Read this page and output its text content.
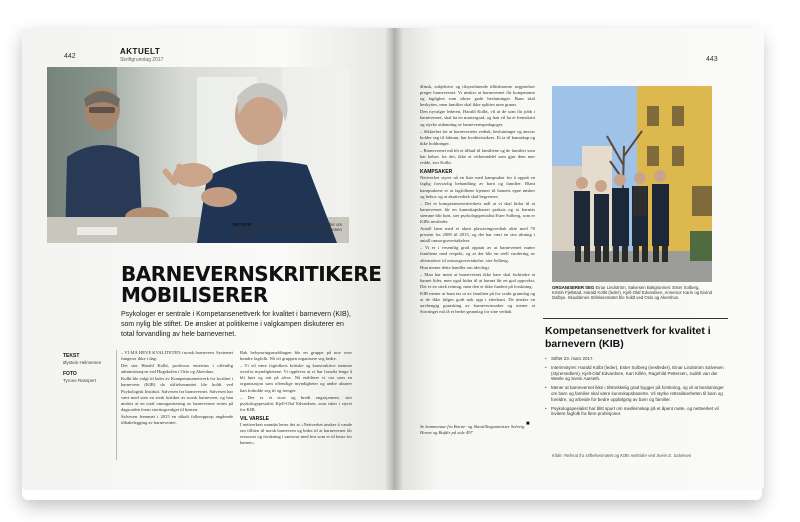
442
AKTUELT
Skriftgrunnlag 2017
INITIATIV Psykologspesialist Einar Lindström forteller om grunnlaget for nettverket i KIB. Harald Kolbt i bakgrunnen følger med.
BARNEVERNSKRITIKERE
MOBILISERER
Psykologer er sentrale i Kompetansenettverk for kvalitet i barnevern (KIB), som nylig ble stiftet. De ønsker at politikerne i valgkampen diskuterer en total forvandling av hele barnevernet.
TEKST
Øystein Helmersen
FOTO
Tyrone Rasspert

– VI MÅ HEVE KVALITETEN i norsk barnevern. Systemet fungerer ikke i dag.

Det sier Harald Kolbt, professor emeritus i offentlig administrasjon ved Høgskolen i Oslo og Akershus.

Kolbt ble valgt til leder av Kompetansenettverk for kvalitet i barnevern (KIB) da stiftelsesmøtet ble holdt ved Psykologisk Institutt. Salvesen fra barnevernet. Salvesen har vært med som en sterk kritiker av norsk barnevern, og han ønsker at en total omorganisering av barnevernet settes på dagsorden foran stortingsvalget til høsten.

Salvesen fremmet i 2015 en såkalt folkeopprop angående tilbakelegging av barnevernet.

Rak bekymringsmeldingen ble en gruppe på noe over hundre fagfolk. Nå vil gruppen organisere seg bedre.

– Vi vil være fagfolkets kritiske og konstruktive stemme overfor myndighetene. Vi opplever at vi har forsøkt lenge å bli hørt og tatt på alvor. Nå etablerer vi oss som en organisasjon som offentlige myndigheter og andre aktører kan forholde seg til og trenger.

– Det er et stort og bredt engasjement, sier psykologspesialist Kjell-Olaf Edvardsen, som sitter i styret for KIB.

VIL VARSLE

I nettverkets mandat heter det at «Nettverket ønsker å vande om tilliten til norsk barnevern og bidra til at barnevernet får ressurser og forskning i samsvar med hva som er til beste for barnet».

443

dlinsk, subjektive og tilsynelatende tillitsbaserte avgjørelser preger barnevernet. Vi ønsker at barnevernet får kompetanse og faglighet som sikrer gode beslutninger. Barn skal beskyttes, men familier skal ikke splittes uten grunn.

Den nyvalgte lederen, Harald Kolbt, vil at de som får jobb i barnevernet, skal ha en mastergrad, og han vil ha et fremskritt og styrke utdanning av barnevernspedagoger.

– Sikkerhet for at barnevernets vedtak, beslutninger og ansvar holder seg til faktum, bør kvalitetssikres. Et ta til kunnskap og ikke holdninger.

– Barnevernet må bli et tilbud til familiene og de familier som har behov for det, ikke et virkemiddel som gjør dem mer redde, sier Kolbt.

KAMPSAKER

Nettverket styrer nå en liste med kampsaker for å oppnå en faglig forsvarlig behandling av barn og familier. Blant kampsakene er at fagfolkene kjenner til barnets egne ønsker og behov og at akuttvedtak skal begrenses.

– Det er kompetansenettverkets mål at vi skal bidra til at barnevernet får en kunnskapsbasert praksis og at barnets stemme blir hørt, sier psykologspesialist Ester Solberg, som er KIBs nestleder.

Antall barn med et akutt plasseringsvedtak økte med 70 prosent fra 2008 til 2015, og det har vært en stor økning i antall omsorgsovertakelser.

– Vi er i vesentlig grad opptatt av at barnevernet møter familiene med respekt, og at det blir en reell vurdering av alternativer til omsorgsovertakelse, sier Solberg.

Hun mener dette handler om ideologi.

– Man har ment at barnevernet ikke bare skal forhindre at barnet lider, men også bidra til at barnet får en god oppvekst. Det er en sterk retning, men den er ikke fundert på forskning.

KIB mener at barn tas ut av familien på for svakt grunnlag og at de ikke følges godt nok opp i etterkant. De ønsker en uavhengig gransking av barnevernssaker og mener at Stortinget må få et bedre grunnlag for sine vedtak.

Se kommentar fra Barne- og likestillingsminister Solveig Horne og Bufdir på side 497
■
ORGANISERER SEG Einar Lindström, Salvesen Bakgrunnen: Ester Solberg, Kristin Fjellstad, Harald Kolbt (leder), Kjell-Olaf Edvardsen, Annemor Karin og Eivind Dalbye. Skuddenes Stifelsesmøtet ble holdt ved Oslo og Akershus.
Kompetansenettverk for kvalitet i barnevern (KIB)
• Stiftet 23. mars 2017.
• Interimstyret: Harald Kolbt (leder), Ester Solberg (nestleder), Einar Lindström Salvesen (styremedlem), Kjell-Olaf Edvardsen, Kari Killén, Ragnhild Pettersen, Judith van der Weele og Svein Aarseth.
• Mener at barnevernet ikke i tilstrekkelig grad bygger på forskning, og vil at beslutninger om barn og familier skal være kunnskapsbaserte. Vil styrke rettssikkerheten til barn og foreldre, og arbeide for bedre oppfølging av barn og familier.
• Psykologspesialist har blitt spurt om medlemskap på et åpent møte, og nettverket vil invitere fagfolk fra flere profesjoner.
Kilde: Referat fra stiftelsesmøtet og KIBs nettsider ved Svein E. Salvesen
